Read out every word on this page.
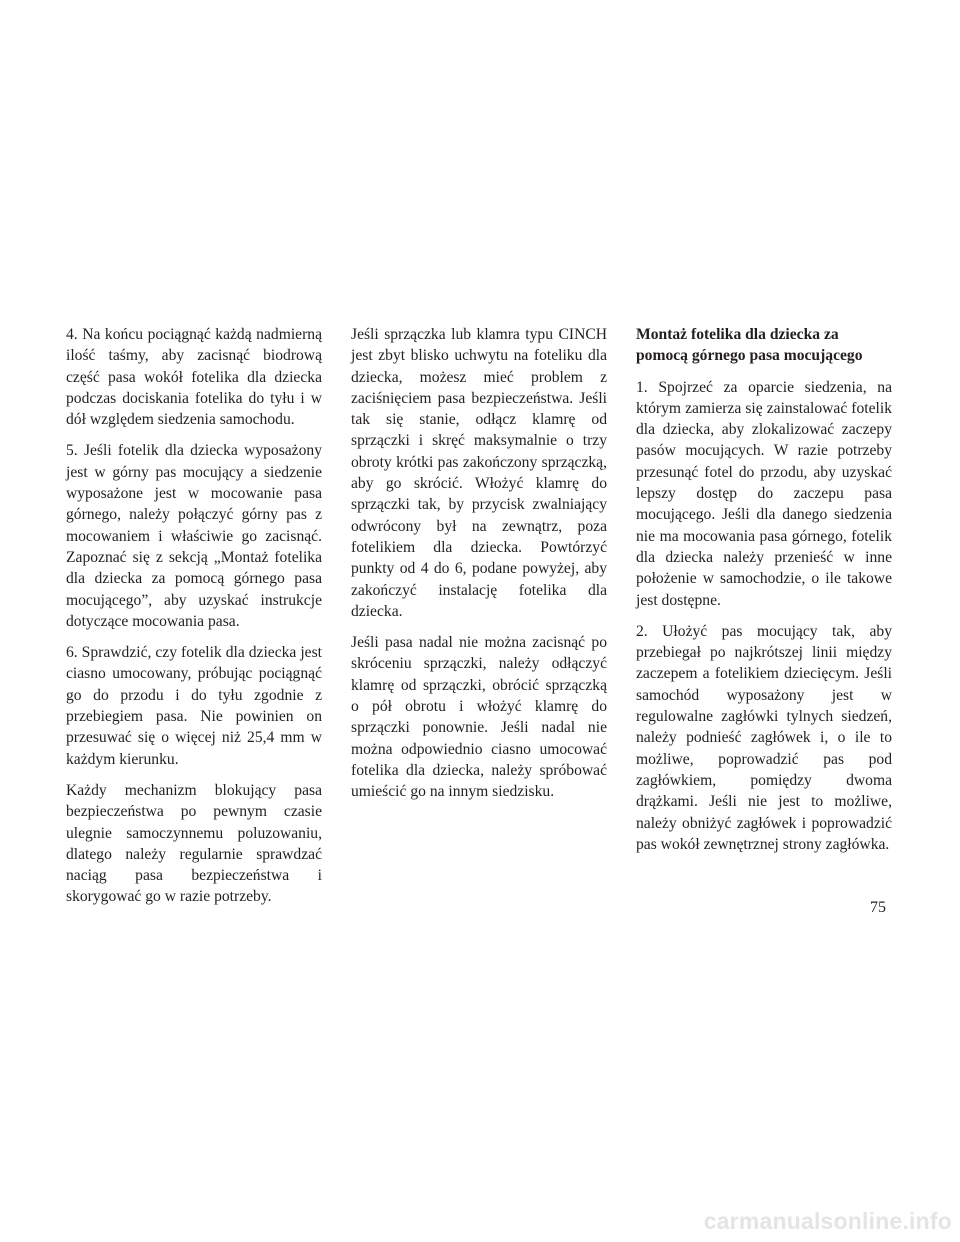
4. Na końcu pociągnąć każdą nadmierną ilość taśmy, aby zacisnąć biodrową część pasa wokół fotelika dla dziecka podczas dociskania fotelika do tyłu i w dół względem siedzenia samochodu.

5. Jeśli fotelik dla dziecka wyposażony jest w górny pas mocujący a siedzenie wyposażone jest w mocowanie pasa górnego, należy połączyć górny pas z mocowaniem i właściwie go zacisnąć. Zapoznać się z sekcją „Montaż fotelika dla dziecka za pomocą górnego pasa mocującego”, aby uzyskać instrukcje dotyczące mocowania pasa.

6. Sprawdzić, czy fotelik dla dziecka jest ciasno umocowany, próbując pociągnąć go do przodu i do tyłu zgodnie z przebiegiem pasa. Nie powinien on przesuwać się o więcej niż 25,4 mm w każdym kierunku.

Każdy mechanizm blokujący pasa bezpieczeństwa po pewnym czasie ulegnie samoczynnemu poluzowaniu, dlatego należy regularnie sprawdzać naciąg pasa bezpieczeństwa i skorygować go w razie potrzeby.

Jeśli sprzączka lub klamra typu CINCH jest zbyt blisko uchwytu na foteliku dla dziecka, możesz mieć problem z zaciśnięciem pasa bezpieczeństwa. Jeśli tak się stanie, odłącz klamrę od sprzączki i skręć maksymalnie o trzy obroty krótki pas zakończony sprzączką, aby go skrócić. Włożyć klamrę do sprzączki tak, by przycisk zwalniający odwrócony był na zewnątrz, poza fotelikiem dla dziecka. Powtórzyć punkty od 4 do 6, podane powyżej, aby zakończyć instalację fotelika dla dziecka.

Jeśli pasa nadal nie można zacisnąć po skróceniu sprzączki, należy odłączyć klamrę od sprzączki, obrócić sprzączką o pół obrotu i włożyć klamrę do sprzączki ponownie. Jeśli nadal nie można odpowiednio ciasno umocować fotelika dla dziecka, należy spróbować umieścić go na innym siedzisku.

Montaż fotelika dla dziecka za pomocą górnego pasa mocującego

1. Spojrzeć za oparcie siedzenia, na którym zamierza się zainstalować fotelik dla dziecka, aby zlokalizować zaczepy pasów mocujących. W razie potrzeby przesunąć fotel do przodu, aby uzyskać lepszy dostęp do zaczepu pasa mocującego. Jeśli dla danego siedzenia nie ma mocowania pasa górnego, fotelik dla dziecka należy przenieść w inne położenie w samochodzie, o ile takowe jest dostępne.

2. Ułożyć pas mocujący tak, aby przebiegał po najkrótszej linii między zaczepem a fotelikiem dziecięcym. Jeśli samochód wyposażony jest w regulowalne zagłówki tylnych siedzeń, należy podnieść zagłówek i, o ile to możliwe, poprowadzić pas pod zagłówkiem, pomiędzy dwoma drążkami. Jeśli nie jest to możliwe, należy obniżyć zagłówek i poprowadzić pas wokół zewnętrznej strony zagłówka.

75
carmanualsonline.info
